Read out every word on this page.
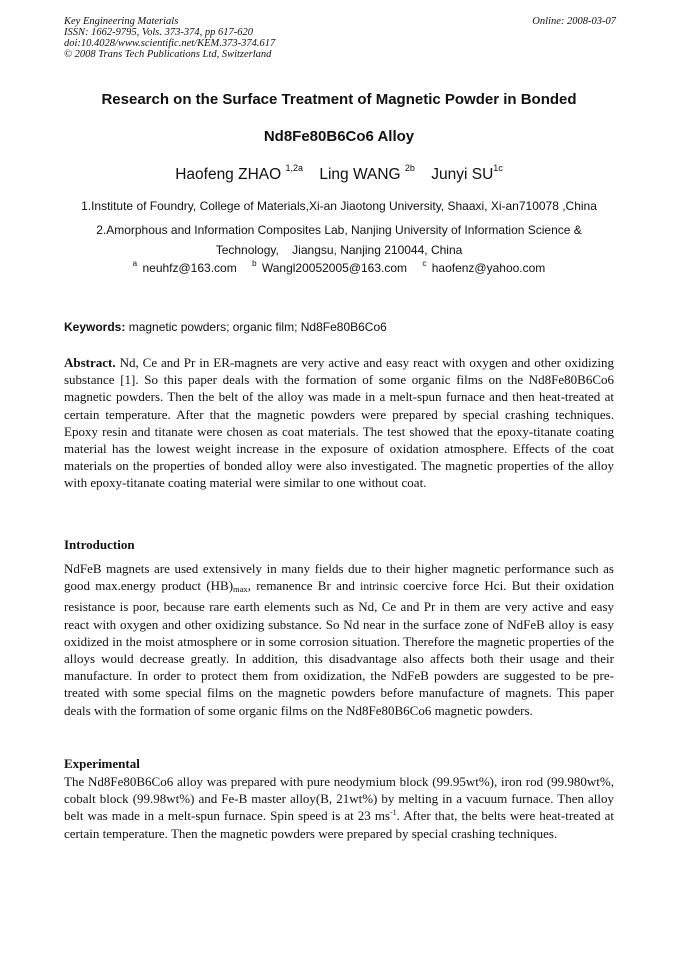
Key Engineering Materials
ISSN: 1662-9795, Vols. 373-374, pp 617-620
doi:10.4028/www.scientific.net/KEM.373-374.617
© 2008 Trans Tech Publications Ltd, Switzerland
Online: 2008-03-07
Research on the Surface Treatment of Magnetic Powder in Bonded
Nd8Fe80B6Co6 Alloy
Haofeng ZHAO $^{1,2a}$ Ling WANG $^{2b}$ Junyi $SU^{1c}$
1.Institute of Foundry, College of Materials,Xi-an Jiaotong University, Shaaxi, Xi-an710078 ,China
2.Amorphous and Information Composites Lab, Nanjing University of Information Science &
Technology,    Jiangsu, Nanjing 210044, China
$^a$ neuhfz@163.com $^b$ Wangl20052005@163.com $^c$ haofenz@yahoo.com
Keywords: magnetic powders; organic film; Nd8Fe80B6Co6
Abstract. Nd, Ce and Pr in ER-magnets are very active and easy react with oxygen and other oxidizing substance [1]. So this paper deals with the formation of some organic films on the Nd8Fe80B6Co6 magnetic powders. Then the belt of the alloy was made in a melt-spun furnace and then heat-treated at certain temperature. After that the magnetic powders were prepared by special crashing techniques. Epoxy resin and titanate were chosen as coat materials. The test showed that the epoxy-titanate coating material has the lowest weight increase in the exposure of oxidation atmosphere. Effects of the coat materials on the properties of bonded alloy were also investigated. The magnetic properties of the alloy with epoxy-titanate coating material were similar to one without coat.
Introduction
NdFeB magnets are used extensively in many fields due to their higher magnetic performance such as good max.energy product $(HB)_{max}$, remanence Br and intrinsic coercive force Hci. But their oxidation resistance is poor, because rare earth elements such as Nd, Ce and Pr in them are very active and easy react with oxygen and other oxidizing substance. So Nd near in the surface zone of NdFeB alloy is easy oxidized in the moist atmosphere or in some corrosion situation. Therefore the magnetic properties of the alloys would decrease greatly. In addition, this disadvantage also affects both their usage and their manufacture. In order to protect them from oxidization, the NdFeB powders are suggested to be pre-treated with some special films on the magnetic powders before manufacture of magnets. This paper deals with the formation of some organic films on the Nd8Fe80B6Co6 magnetic powders.
Experimental
The Nd8Fe80B6Co6 alloy was prepared with pure neodymium block (99.95wt%), iron rod (99.980wt%, cobalt block (99.98wt%) and Fe-B master alloy(B, 21wt%) by melting in a vacuum furnace. Then alloy belt was made in a melt-spun furnace. Spin speed is at 23 $ms^{-1}$. After that, the belts were heat-treated at certain temperature. Then the magnetic powders were prepared by special crashing techniques.
